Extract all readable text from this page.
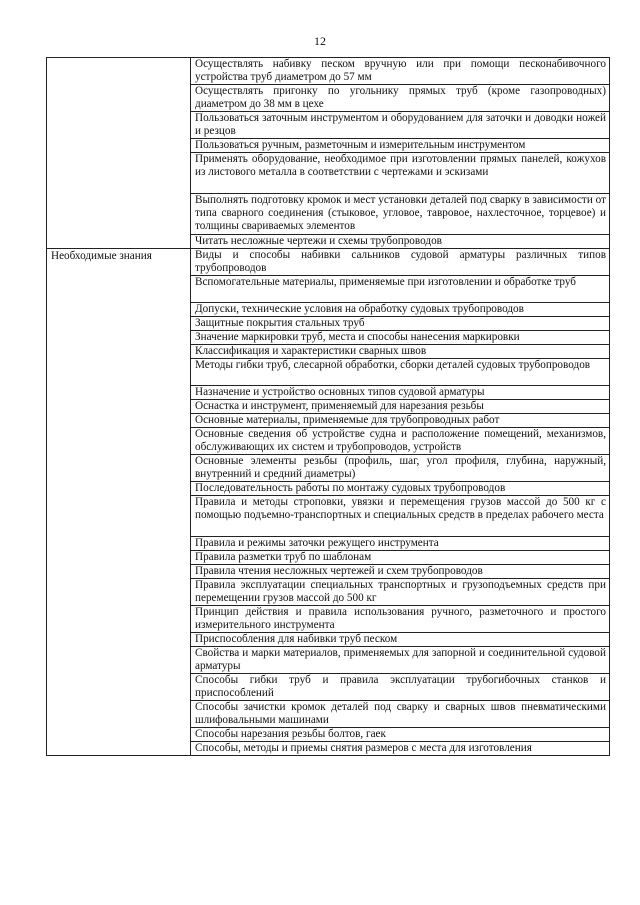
12
	Осуществлять набивку песком вручную или при помощи песконабивочного устройства труб диаметром до 57 мм
	Осуществлять пригонку по угольнику прямых труб (кроме газопроводных) диаметром до 38 мм в цехе
	Пользоваться заточным инструментом и оборудованием для заточки и доводки ножей и резцов
	Пользоваться ручным, разметочным и измерительным инструментом
	Применять оборудование, необходимое при изготовлении прямых панелей, кожухов из листового металла в соответствии с чертежами и эскизами
	Выполнять подготовку кромок и мест установки деталей под сварку в зависимости от типа сварного соединения (стыковое, угловое, тавровое, нахлесточное, торцевое) и толщины свариваемых элементов
	Читать несложные чертежи и схемы трубопроводов
Необходимые знания	Виды и способы набивки сальников судовой арматуры различных типов трубопроводов
	Вспомогательные материалы, применяемые при изготовлении и обработке труб
	Допуски, технические условия на обработку судовых трубопроводов
	Защитные покрытия стальных труб
	Значение маркировки труб, места и способы нанесения маркировки
	Классификация и характеристики сварных швов
	Методы гибки труб, слесарной обработки, сборки деталей судовых трубопроводов
	Назначение и устройство основных типов судовой арматуры
	Оснастка и инструмент, применяемый для нарезания резьбы
	Основные материалы, применяемые для трубопроводных работ
	Основные сведения об устройстве судна и расположение помещений, механизмов, обслуживающих их систем и трубопроводов, устройств
	Основные элементы резьбы (профиль, шаг, угол профиля, глубина, наружный, внутренний и средний диаметры)
	Последовательность работы по монтажу судовых трубопроводов
	Правила и методы строповки, увязки и перемещения грузов массой до 500 кг с помощью подъемно-транспортных и специальных средств в пределах рабочего места
	Правила и режимы заточки режущего инструмента
	Правила разметки труб по шаблонам
	Правила чтения несложных чертежей и схем трубопроводов
	Правила эксплуатации специальных транспортных и грузоподъемных средств при перемещении грузов массой до 500 кг
	Принцип действия и правила использования ручного, разметочного и простого измерительного инструмента
	Приспособления для набивки труб песком
	Свойства и марки материалов, применяемых для запорной и соединительной судовой арматуры
	Способы гибки труб и правила эксплуатации трубогибочных станков и приспособлений
	Способы зачистки кромок деталей под сварку и сварных швов пневматическими шлифовальными машинами
	Способы нарезания резьбы болтов, гаек
	Способы, методы и приемы снятия размеров с места для изготовления
